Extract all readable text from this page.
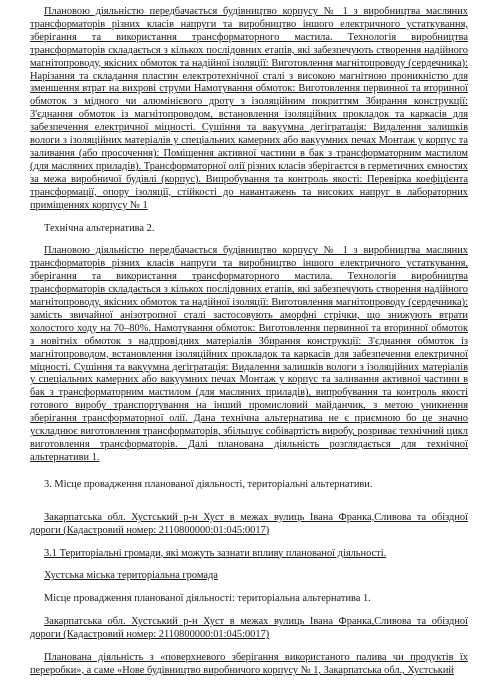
Плановою діяльністю передбачається будівництво корпусу № 1 з виробництва масляних трансформаторів різних класів напруги та виробництво іншого електричного устаткування, зберігання та використання трансформаторного мастила. Технологія виробництва трансформаторів складається з кількох послідовних етапів, які забезпечують створення надійного магнітопроводу, якісних обмоток та надійної ізоляції: Виготовлення магнітопроводу (сердечника): Нарізання та складання пластин електротехнічної сталі з високою магнітною проникністю для зменшення втрат на вихрові струми Намотування обмоток: Виготовлення первинної та вторинної обмоток з мідного чи алюмінієвого дроту з ізоляційним покриттям Збирання конструкції: З'єднання обмоток із магнітопроводом, встановлення ізоляційних прокладок та каркасів для забезпечення електричної міцності. Сушіння та вакуумна дегігратація: Видалення залишків вологи з ізоляційних матеріалів у спеціальних камерних або вакуумних печах Монтаж у корпус та заливання (або просочення): Поміщення активної частини в бак з трансформаторним мастилом (для масляних приладів). Трансформаторної олії різних класів зберігаєтся в герметичних ємностях за межа виробничої будівлі (корпус). Випробування та контроль якості: Перевірка коефіцієнта трансформації, опору ізоляції, стійкості до навантажень та високих напруг в лабораторних приміщеннях корпусу № 1

Технічна альтернатива 2.

Плановою діяльністю передбачається будівництво корпусу № 1 з виробництва масляних трансформаторів різних класів напруги та виробництво іншого електричного устаткування, зберігання та використання трансформаторного мастила. Технологія виробництва трансформаторів складається з кількох послідовних етапів, які забезпечують створення надійного магнітопроводу, якісних обмоток та надійної ізоляції: Виготовлення магнітопроводу (сердечника): замість звичайної анізотропної сталі застосовують аморфні стрічки, що знижують втрати холостого ходу на 70–80%. Намотування обмоток: Виготовлення первинної та вторинної обмоток з новітніх обмоток з надпровідних матеріалів Збирання конструкції: З'єднання обмоток із магнітопроводом, встановлення ізоляційних прокладок та каркасів для забезпечення електричної міцності. Сушіння та вакуумна дегігратація: Видалення залишків вологи з ізоляційних матеріалів у спеціальних камерних або вакуумних печах Монтаж у корпус та заливання активної частини в бак з трансформаторним мастилом (для масляних приладів), випробування та контроль якості готового виробу транспортування на інший промисловий майданчик, з метою уникнення зберігання трансформаторної олії. Дана технічна альтернатива не є приємною бо це значно ускладнює виготовлення трансформаторів, збільшує собівартість виробу, розриває технічний цикл виготовлення трансформаторів. Далі планована діяльність розглядається для технічної альтернативи 1.

3. Місце провадження планованої діяльності, територіальні альтернативи.

Закарпатська обл. Хустський р-н Хуст в межах вулиць Івана Франка,Сливова та обіздної дороги (Кадастровий номер: 2110800000:01:045:0017)

3.1 Територіальні громади, які можуть зазнати впливу планованої діяльності.

Хустська міська територіальна громада

Місце провадження планованої діяльності: територіальна альтернатива 1.

Закарпатська обл. Хустський р-н Хуст в межах вулиць Івана Франка,Сливова та обіздної дороги (Кадастровий номер: 2110800000:01:045:0017)

Планована діяльність з «поверхневого зберігання використаного палива чи продуктів їх переробки», а саме «Нове будівництво виробничого корпусу № 1, Закарпатська обл., Хустський
